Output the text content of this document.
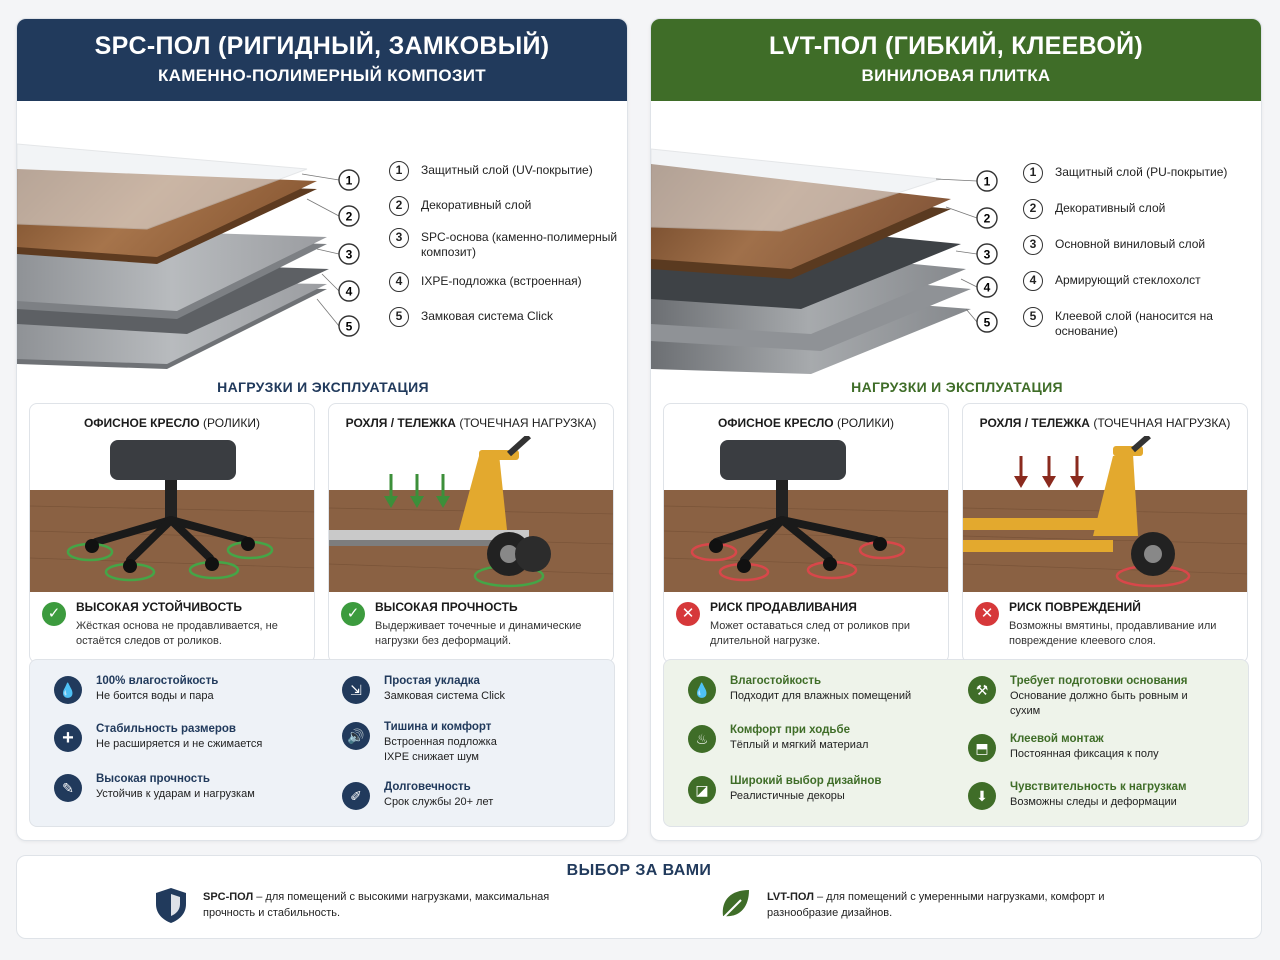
SPC-ПОЛ (РИГИДНЫЙ, ЗАМКОВЫЙ)
КАМЕННО-ПОЛИМЕРНЫЙ КОМПОЗИТ
1
2
3
4
5
1	Защитный слой (UV-покрытие)
2	Декоративный слой
3	SPC-основа (каменно-полимерный композит)
4	IXPE-подложка (встроенная)
5	Замковая система Click
НАГРУЗКИ И ЭКСПЛУАТАЦИЯ
ОФИСНОЕ КРЕСЛО (РОЛИКИ)
✓	ВЫСОКАЯ УСТОЙЧИВОСТЬ
Жёсткая основа не продавливается, не остаётся следов от роликов.
РОХЛЯ / ТЕЛЕЖКА (ТОЧЕЧНАЯ НАГРУЗКА)
✓	ВЫСОКАЯ ПРОЧНОСТЬ
Выдерживает точечные и динамические нагрузки без деформаций.
💧
100% влагостойкость
Не боится воды и пара
+	Стабильность размеров
Не расширяется и не сжимается
✎
Высокая прочность
Устойчив к ударам и нагрузкам
⇲
Простая укладка
Замковая система Click
🔊
Тишина и комфорт
Встроенная подложка IXPE снижает шум
✐
Долговечность
Срок службы 20+ лет
LVT-ПОЛ (ГИБКИЙ, КЛЕЕВОЙ)
ВИНИЛОВАЯ ПЛИТКА
1
2
3
4
5
1	Защитный слой (PU-покрытие)
2	Декоративный слой
3	Основной виниловый слой
4	Армирующий стеклохолст
5	Клеевой слой (наносится на основание)
НАГРУЗКИ И ЭКСПЛУАТАЦИЯ
ОФИСНОЕ КРЕСЛО (РОЛИКИ)
✕	РИСК ПРОДАВЛИВАНИЯ
Может оставаться след от роликов при длительной нагрузке.
РОХЛЯ / ТЕЛЕЖКА (ТОЧЕЧНАЯ НАГРУЗКА)
✕	РИСК ПОВРЕЖДЕНИЙ
Возможны вмятины, продавливание или повреждение клеевого слоя.
💧
Влагостойкость
Подходит для влажных помещений
♨
Комфорт при ходьбе
Тёплый и мягкий материал
◪
Широкий выбор дизайнов
Реалистичные декоры
⚒
Требует подготовки основания
Основание должно быть ровным и сухим
⬒
Клеевой монтаж
Постоянная фиксация к полу
⬇
Чувствительность к нагрузкам
Возможны следы и деформации
ВЫБОР ЗА ВАМИ
SPC-ПОЛ – для помещений с высокими нагрузками, максимальная прочность и стабильность.
LVT-ПОЛ – для помещений с умеренными нагрузками, комфорт и разнообразие дизайнов.
